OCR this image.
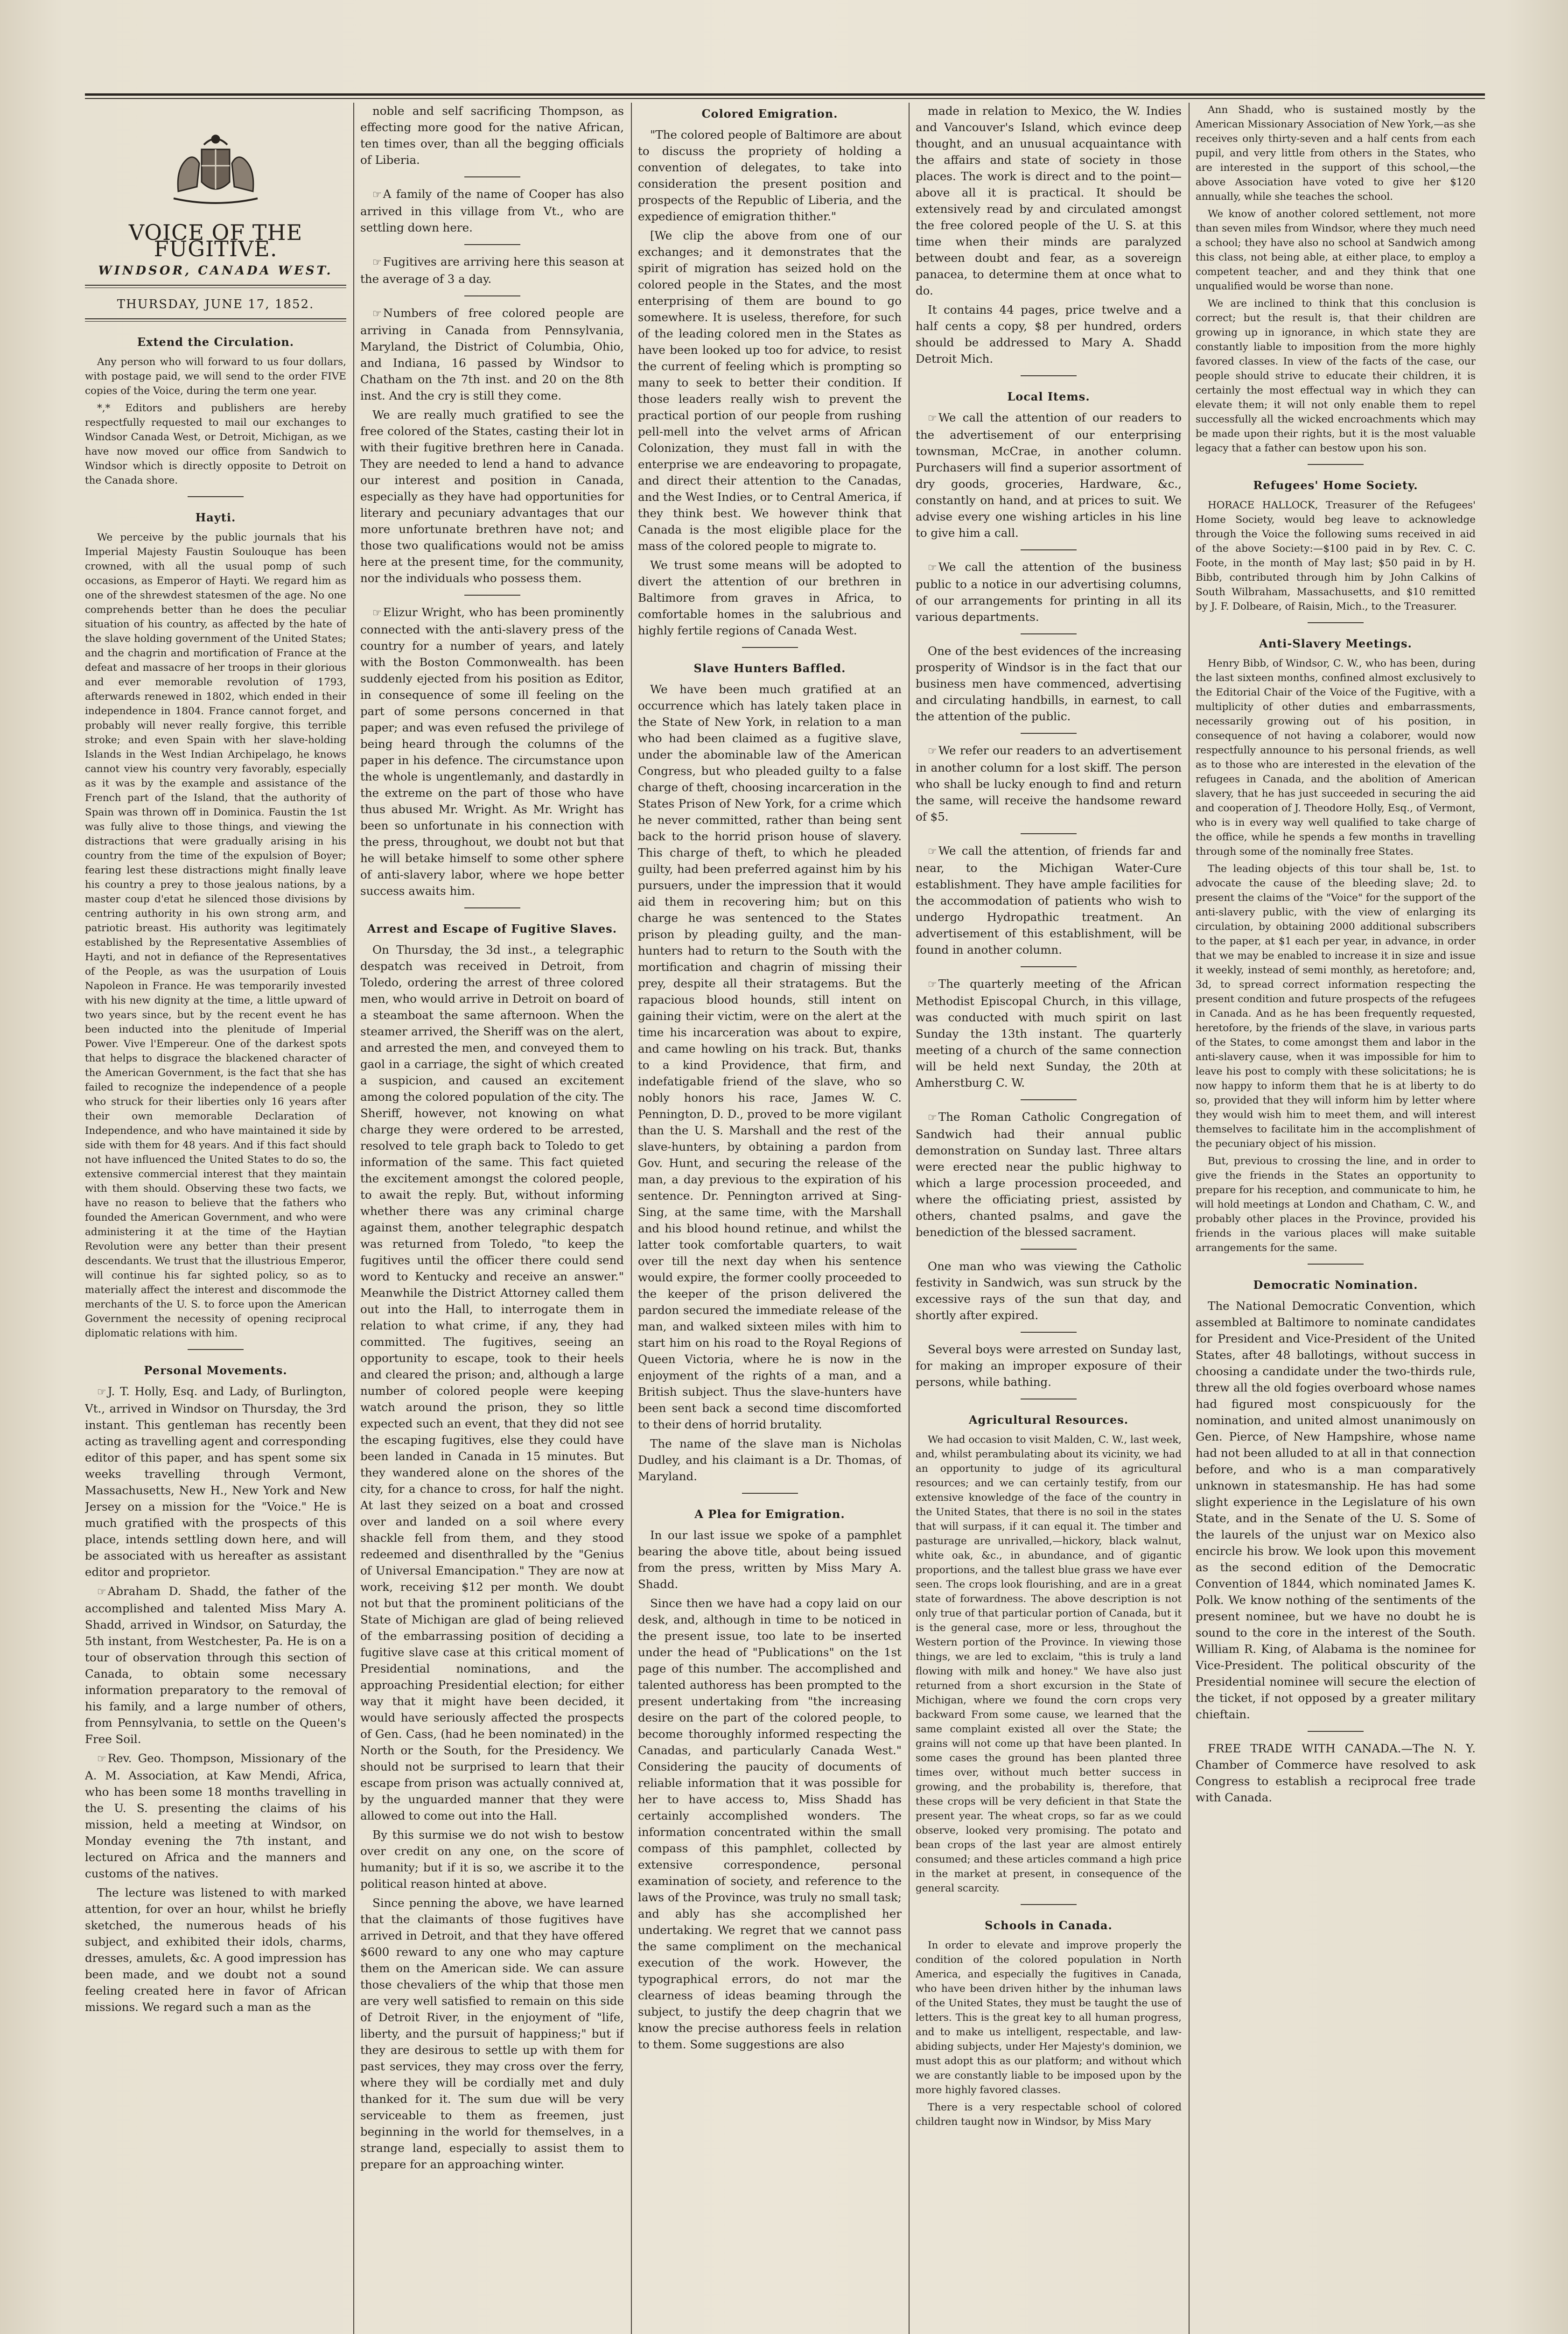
VOICE OF THE FUGITIVE.
WINDSOR, CANADA WEST.
THURSDAY, JUNE 17, 1852.
Extend the Circulation.

Any person who will forward to us four dollars, with postage paid, we will send to the order FIVE copies of the Voice, during the term one year.

*,* Editors and publishers are hereby respectfully requested to mail our exchanges to Windsor Canada West, or Detroit, Michigan, as we have now moved our office from Sandwich to Windsor which is directly opposite to Detroit on the Canada shore.

Hayti.

We perceive by the public journals that his Imperial Majesty Faustin Soulouque has been crowned, with all the usual pomp of such occasions, as Emperor of Hayti. We regard him as one of the shrewdest statesmen of the age. No one comprehends better than he does the peculiar situation of his country, as affected by the hate of the slave holding government of the United States; and the chagrin and mortification of France at the defeat and massacre of her troops in their glorious and ever memorable revolution of 1793, afterwards renewed in 1802, which ended in their independence in 1804. France cannot forget, and probably will never really forgive, this terrible stroke; and even Spain with her slave-holding Islands in the West Indian Archipelago, he knows cannot view his country very favorably, especially as it was by the example and assistance of the French part of the Island, that the authority of Spain was thrown off in Dominica. Faustin the 1st was fully alive to those things, and viewing the distractions that were gradually arising in his country from the time of the expulsion of Boyer; fearing lest these distractions might finally leave his country a prey to those jealous nations, by a master coup d'etat he silenced those divisions by centring authority in his own strong arm, and patriotic breast. His authority was legitimately established by the Representative Assemblies of Hayti, and not in defiance of the Representatives of the People, as was the usurpation of Louis Napoleon in France. He was temporarily invested with his new dignity at the time, a little upward of two years since, but by the recent event he has been inducted into the plenitude of Imperial Power. Vive l'Empereur. One of the darkest spots that helps to disgrace the blackened character of the American Government, is the fact that she has failed to recognize the independence of a people who struck for their liberties only 16 years after their own memorable Declaration of Independence, and who have maintained it side by side with them for 48 years. And if this fact should not have influenced the United States to do so, the extensive commercial interest that they maintain with them should. Observing these two facts, we have no reason to believe that the fathers who founded the American Government, and who were administering it at the time of the Haytian Revolution were any better than their present descendants. We trust that the illustrious Emperor, will continue his far sighted policy, so as to materially affect the interest and discommode the merchants of the U. S. to force upon the American Government the necessity of opening reciprocal diplomatic relations with him.

Personal Movements.

☞ J. T. Holly, Esq. and Lady, of Burlington, Vt., arrived in Windsor on Thursday, the 3rd instant. This gentleman has recently been acting as travelling agent and corresponding editor of this paper, and has spent some six weeks travelling through Vermont, Massachusetts, New H., New York and New Jersey on a mission for the "Voice." He is much gratified with the prospects of this place, intends settling down here, and will be associated with us hereafter as assistant editor and proprietor.

☞ Abraham D. Shadd, the father of the accomplished and talented Miss Mary A. Shadd, arrived in Windsor, on Saturday, the 5th instant, from Westchester, Pa. He is on a tour of observation through this section of Canada, to obtain some necessary information preparatory to the removal of his family, and a large number of others, from Pennsylvania, to settle on the Queen's Free Soil.

☞ Rev. Geo. Thompson, Missionary of the A. M. Association, at Kaw Mendi, Africa, who has been some 18 months travelling in the U. S. presenting the claims of his mission, held a meeting at Windsor, on Monday evening the 7th instant, and lectured on Africa and the manners and customs of the natives.

The lecture was listened to with marked attention, for over an hour, whilst he briefly sketched, the numerous heads of his subject, and exhibited their idols, charms, dresses, amulets, &c. A good impression has been made, and we doubt not a sound feeling created here in favor of African missions. We regard such a man as the

noble and self sacrificing Thompson, as effecting more good for the native African, ten times over, than all the begging officials of Liberia.

☞ A family of the name of Cooper has also arrived in this village from Vt., who are settling down here.

☞ Fugitives are arriving here this season at the average of 3 a day.

☞ Numbers of free colored people are arriving in Canada from Pennsylvania, Maryland, the District of Columbia, Ohio, and Indiana, 16 passed by Windsor to Chatham on the 7th inst. and 20 on the 8th inst. And the cry is still they come.

We are really much gratified to see the free colored of the States, casting their lot in with their fugitive brethren here in Canada. They are needed to lend a hand to advance our interest and position in Canada, especially as they have had opportunities for literary and pecuniary advantages that our more unfortunate brethren have not; and those two qualifications would not be amiss here at the present time, for the community, nor the individuals who possess them.

☞ Elizur Wright, who has been prominently connected with the anti-slavery press of the country for a number of years, and lately with the Boston Commonwealth. has been suddenly ejected from his position as Editor, in consequence of some ill feeling on the part of some persons concerned in that paper; and was even refused the privilege of being heard through the columns of the paper in his defence. The circumstance upon the whole is ungentlemanly, and dastardly in the extreme on the part of those who have thus abused Mr. Wright. As Mr. Wright has been so unfortunate in his connection with the press, throughout, we doubt not but that he will betake himself to some other sphere of anti-slavery labor, where we hope better success awaits him.

Arrest and Escape of Fugitive Slaves.

On Thursday, the 3d inst., a telegraphic despatch was received in Detroit, from Toledo, ordering the arrest of three colored men, who would arrive in Detroit on board of a steamboat the same afternoon. When the steamer arrived, the Sheriff was on the alert, and arrested the men, and conveyed them to gaol in a carriage, the sight of which created a suspicion, and caused an excitement among the colored population of the city. The Sheriff, however, not knowing on what charge they were ordered to be arrested, resolved to tele graph back to Toledo to get information of the same. This fact quieted the excitement amongst the colored people, to await the reply. But, without informing whether there was any criminal charge against them, another telegraphic despatch was returned from Toledo, "to keep the fugitives until the officer there could send word to Kentucky and receive an answer." Meanwhile the District Attorney called them out into the Hall, to interrogate them in relation to what crime, if any, they had committed. The fugitives, seeing an opportunity to escape, took to their heels and cleared the prison; and, although a large number of colored people were keeping watch around the prison, they so little expected such an event, that they did not see the escaping fugitives, else they could have been landed in Canada in 15 minutes. But they wandered alone on the shores of the city, for a chance to cross, for half the night. At last they seized on a boat and crossed over and landed on a soil where every shackle fell from them, and they stood redeemed and disenthralled by the "Genius of Universal Emancipation." They are now at work, receiving $12 per month. We doubt not but that the prominent politicians of the State of Michigan are glad of being relieved of the embarrassing position of deciding a fugitive slave case at this critical moment of Presidential nominations, and the approaching Presidential election; for either way that it might have been decided, it would have seriously affected the prospects of Gen. Cass, (had he been nominated) in the North or the South, for the Presidency. We should not be surprised to learn that their escape from prison was actually connived at, by the unguarded manner that they were allowed to come out into the Hall.

By this surmise we do not wish to bestow over credit on any one, on the score of humanity; but if it is so, we ascribe it to the political reason hinted at above.

Since penning the above, we have learned that the claimants of those fugitives have arrived in Detroit, and that they have offered $600 reward to any one who may capture them on the American side. We can assure those chevaliers of the whip that those men are very well satisfied to remain on this side of Detroit River, in the enjoyment of "life, liberty, and the pursuit of happiness;" but if they are desirous to settle up with them for past services, they may cross over the ferry, where they will be cordially met and duly thanked for it. The sum due will be very serviceable to them as freemen, just beginning in the world for themselves, in a strange land, especially to assist them to prepare for an approaching winter.

Colored Emigration.

"The colored people of Baltimore are about to discuss the propriety of holding a convention of delegates, to take into consideration the present position and prospects of the Republic of Liberia, and the expedience of emigration thither."

[We clip the above from one of our exchanges; and it demonstrates that the spirit of migration has seized hold on the colored people in the States, and the most enterprising of them are bound to go somewhere. It is useless, therefore, for such of the leading colored men in the States as have been looked up too for advice, to resist the current of feeling which is prompting so many to seek to better their condition. If those leaders really wish to prevent the practical portion of our people from rushing pell-mell into the velvet arms of African Colonization, they must fall in with the enterprise we are endeavoring to propagate, and direct their attention to the Canadas, and the West Indies, or to Central America, if they think best. We however think that Canada is the most eligible place for the mass of the colored people to migrate to.

We trust some means will be adopted to divert the attention of our brethren in Baltimore from graves in Africa, to comfortable homes in the salubrious and highly fertile regions of Canada West.

Slave Hunters Baffled.

We have been much gratified at an occurrence which has lately taken place in the State of New York, in relation to a man who had been claimed as a fugitive slave, under the abominable law of the American Congress, but who pleaded guilty to a false charge of theft, choosing incarceration in the States Prison of New York, for a crime which he never committed, rather than being sent back to the horrid prison house of slavery. This charge of theft, to which he pleaded guilty, had been preferred against him by his pursuers, under the impression that it would aid them in recovering him; but on this charge he was sentenced to the States prison by pleading guilty, and the man-hunters had to return to the South with the mortification and chagrin of missing their prey, despite all their stratagems. But the rapacious blood hounds, still intent on gaining their victim, were on the alert at the time his incarceration was about to expire, and came howling on his track. But, thanks to a kind Providence, that firm, and indefatigable friend of the slave, who so nobly honors his race, James W. C. Pennington, D. D., proved to be more vigilant than the U. S. Marshall and the rest of the slave-hunters, by obtaining a pardon from Gov. Hunt, and securing the release of the man, a day previous to the expiration of his sentence. Dr. Pennington arrived at Sing-Sing, at the same time, with the Marshall and his blood hound retinue, and whilst the latter took comfortable quarters, to wait over till the next day when his sentence would expire, the former coolly proceeded to the keeper of the prison delivered the pardon secured the immediate release of the man, and walked sixteen miles with him to start him on his road to the Royal Regions of Queen Victoria, where he is now in the enjoyment of the rights of a man, and a British subject. Thus the slave-hunters have been sent back a second time discomforted to their dens of horrid brutality.

The name of the slave man is Nicholas Dudley, and his claimant is a Dr. Thomas, of Maryland.

A Plea for Emigration.

In our last issue we spoke of a pamphlet bearing the above title, about being issued from the press, written by Miss Mary A. Shadd.

Since then we have had a copy laid on our desk, and, although in time to be noticed in the present issue, too late to be inserted under the head of "Publications" on the 1st page of this number. The accomplished and talented authoress has been prompted to the present undertaking from "the increasing desire on the part of the colored people, to become thoroughly informed respecting the Canadas, and particularly Canada West." Considering the paucity of documents of reliable information that it was possible for her to have access to, Miss Shadd has certainly accomplished wonders. The information concentrated within the small compass of this pamphlet, collected by extensive correspondence, personal examination of society, and reference to the laws of the Province, was truly no small task; and ably has she accomplished her undertaking. We regret that we cannot pass the same compliment on the mechanical execution of the work. However, the typographical errors, do not mar the clearness of ideas beaming through the subject, to justify the deep chagrin that we know the precise authoress feels in relation to them. Some suggestions are also

made in relation to Mexico, the W. Indies and Vancouver's Island, which evince deep thought, and an unusual acquaintance with the affairs and state of society in those places. The work is direct and to the point—above all it is practical. It should be extensively read by and circulated amongst the free colored people of the U. S. at this time when their minds are paralyzed between doubt and fear, as a sovereign panacea, to determine them at once what to do.

It contains 44 pages, price twelve and a half cents a copy, $8 per hundred, orders should be addressed to Mary A. Shadd Detroit Mich.

Local Items.

☞ We call the attention of our readers to the advertisement of our enterprising townsman, McCrae, in another column. Purchasers will find a superior assortment of dry goods, groceries, Hardware, &c., constantly on hand, and at prices to suit. We advise every one wishing articles in his line to give him a call.

☞ We call the attention of the business public to a notice in our advertising columns, of our arrangements for printing in all its various departments.

One of the best evidences of the increasing prosperity of Windsor is in the fact that our business men have commenced, advertising and circulating handbills, in earnest, to call the attention of the public.

☞ We refer our readers to an advertisement in another column for a lost skiff. The person who shall be lucky enough to find and return the same, will receive the handsome reward of $5.

☞ We call the attention, of friends far and near, to the Michigan Water-Cure establishment. They have ample facilities for the accommodation of patients who wish to undergo Hydropathic treatment. An advertisement of this establishment, will be found in another column.

☞ The quarterly meeting of the African Methodist Episcopal Church, in this village, was conducted with much spirit on last Sunday the 13th instant. The quarterly meeting of a church of the same connection will be held next Sunday, the 20th at Amherstburg C. W.

☞ The Roman Catholic Congregation of Sandwich had their annual public demonstration on Sunday last. Three altars were erected near the public highway to which a large procession proceeded, and where the officiating priest, assisted by others, chanted psalms, and gave the benediction of the blessed sacrament.

One man who was viewing the Catholic festivity in Sandwich, was sun struck by the excessive rays of the sun that day, and shortly after expired.

Several boys were arrested on Sunday last, for making an improper exposure of their persons, while bathing.

Agricultural Resources.

We had occasion to visit Malden, C. W., last week, and, whilst perambulating about its vicinity, we had an opportunity to judge of its agricultural resources; and we can certainly testify, from our extensive knowledge of the face of the country in the United States, that there is no soil in the states that will surpass, if it can equal it. The timber and pasturage are unrivalled,—hickory, black walnut, white oak, &c., in abundance, and of gigantic proportions, and the tallest blue grass we have ever seen. The crops look flourishing, and are in a great state of forwardness. The above description is not only true of that particular portion of Canada, but it is the general case, more or less, throughout the Western portion of the Province. In viewing those things, we are led to exclaim, "this is truly a land flowing with milk and honey." We have also just returned from a short excursion in the State of Michigan, where we found the corn crops very backward From some cause, we learned that the same complaint existed all over the State; the grains will not come up that have been planted. In some cases the ground has been planted three times over, without much better success in growing, and the probability is, therefore, that these crops will be very deficient in that State the present year. The wheat crops, so far as we could observe, looked very promising. The potato and bean crops of the last year are almost entirely consumed; and these articles command a high price in the market at present, in consequence of the general scarcity.

Schools in Canada.

In order to elevate and improve properly the condition of the colored population in North America, and especially the fugitives in Canada, who have been driven hither by the inhuman laws of the United States, they must be taught the use of letters. This is the great key to all human progress, and to make us intelligent, respectable, and law-abiding subjects, under Her Majesty's dominion, we must adopt this as our platform; and without which we are constantly liable to be imposed upon by the more highly favored classes.

There is a very respectable school of colored children taught now in Windsor, by Miss Mary

Ann Shadd, who is sustained mostly by the American Missionary Association of New York,—as she receives only thirty-seven and a half cents from each pupil, and very little from others in the States, who are interested in the support of this school,—the above Association have voted to give her $120 annually, while she teaches the school.

We know of another colored settlement, not more than seven miles from Windsor, where they much need a school; they have also no school at Sandwich among this class, not being able, at either place, to employ a competent teacher, and and they think that one unqualified would be worse than none.

We are inclined to think that this conclusion is correct; but the result is, that their children are growing up in ignorance, in which state they are constantly liable to imposition from the more highly favored classes. In view of the facts of the case, our people should strive to educate their children, it is certainly the most effectual way in which they can elevate them; it will not only enable them to repel successfully all the wicked encroachments which may be made upon their rights, but it is the most valuable legacy that a father can bestow upon his son.

Refugees' Home Society.

HORACE HALLOCK, Treasurer of the Refugees' Home Society, would beg leave to acknowledge through the Voice the following sums received in aid of the above Society:—$100 paid in by Rev. C. C. Foote, in the month of May last; $50 paid in by H. Bibb, contributed through him by John Calkins of South Wilbraham, Massachusetts, and $10 remitted by J. F. Dolbeare, of Raisin, Mich., to the Treasurer.

Anti-Slavery Meetings.

Henry Bibb, of Windsor, C. W., who has been, during the last sixteen months, confined almost exclusively to the Editorial Chair of the Voice of the Fugitive, with a multiplicity of other duties and embarrassments, necessarily growing out of his position, in consequence of not having a colaborer, would now respectfully announce to his personal friends, as well as to those who are interested in the elevation of the refugees in Canada, and the abolition of American slavery, that he has just succeeded in securing the aid and cooperation of J. Theodore Holly, Esq., of Vermont, who is in every way well qualified to take charge of the office, while he spends a few months in travelling through some of the nominally free States.

The leading objects of this tour shall be, 1st. to advocate the cause of the bleeding slave; 2d. to present the claims of the "Voice" for the support of the anti-slavery public, with the view of enlarging its circulation, by obtaining 2000 additional subscribers to the paper, at $1 each per year, in advance, in order that we may be enabled to increase it in size and issue it weekly, instead of semi monthly, as heretofore; and, 3d, to spread correct information respecting the present condition and future prospects of the refugees in Canada. And as he has been frequently requested, heretofore, by the friends of the slave, in various parts of the States, to come amongst them and labor in the anti-slavery cause, when it was impossible for him to leave his post to comply with these solicitations; he is now happy to inform them that he is at liberty to do so, provided that they will inform him by letter where they would wish him to meet them, and will interest themselves to facilitate him in the accomplishment of the pecuniary object of his mission.

But, previous to crossing the line, and in order to give the friends in the States an opportunity to prepare for his reception, and communicate to him, he will hold meetings at London and Chatham, C. W., and probably other places in the Province, provided his friends in the various places will make suitable arrangements for the same.

Democratic Nomination.

The National Democratic Convention, which assembled at Baltimore to nominate candidates for President and Vice-President of the United States, after 48 ballotings, without success in choosing a candidate under the two-thirds rule, threw all the old fogies overboard whose names had figured most conspicuously for the nomination, and united almost unanimously on Gen. Pierce, of New Hampshire, whose name had not been alluded to at all in that connection before, and who is a man comparatively unknown in statesmanship. He has had some slight experience in the Legislature of his own State, and in the Senate of the U. S. Some of the laurels of the unjust war on Mexico also encircle his brow. We look upon this movement as the second edition of the Democratic Convention of 1844, which nominated James K. Polk. We know nothing of the sentiments of the present nominee, but we have no doubt he is sound to the core in the interest of the South. William R. King, of Alabama is the nominee for Vice-President. The political obscurity of the Presidential nominee will secure the election of the ticket, if not opposed by a greater military chieftain.

FREE TRADE WITH CANADA.—The N. Y. Chamber of Commerce have resolved to ask Congress to establish a reciprocal free trade with Canada.
